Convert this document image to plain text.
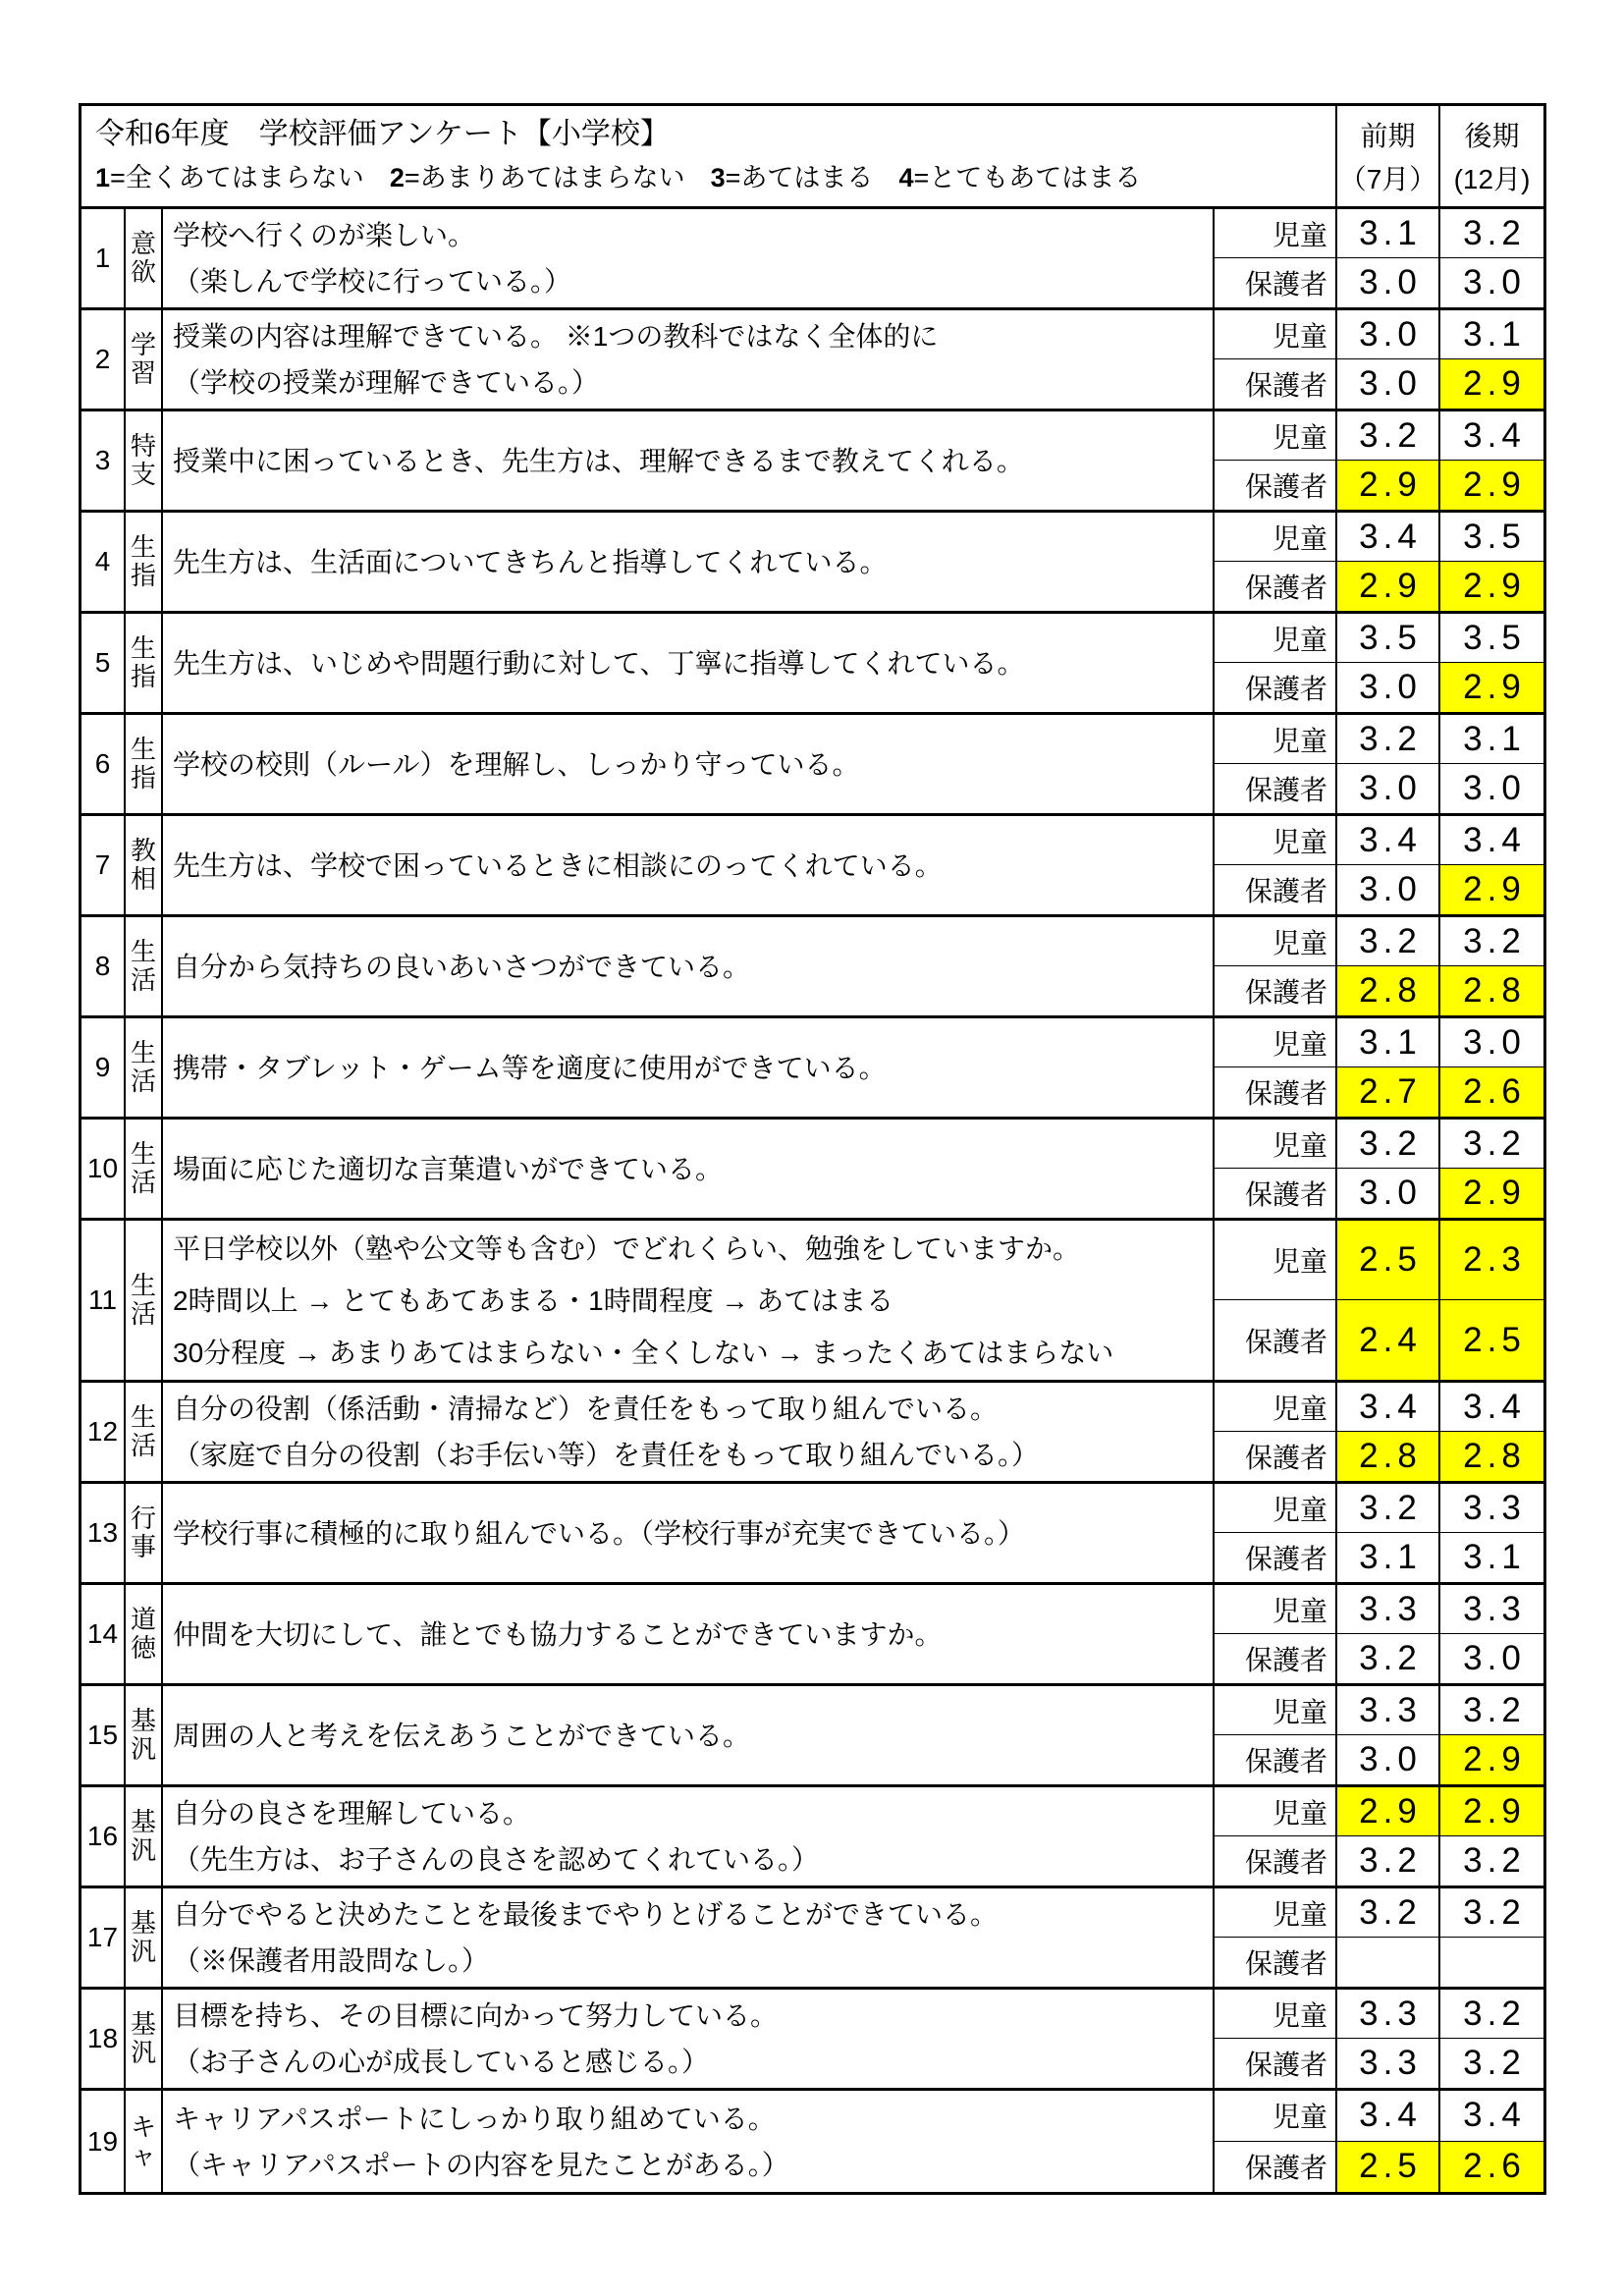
令和6年度　学校評価アンケート【小学校】
1=全くあてはまらない 2=あまりあてはまらない 3=あてはまる 4=とてもあてはまる
前期
（7月）
後期
(12月)
1 意欲
学校へ行くのが楽しい。
（楽しんで学校に行っている。）
児童 3.1	3.2
保護者 3.0	3.0
2 学習
授業の内容は理解できている。 ※1つの教科ではなく全体的に
（学校の授業が理解できている。）
児童 3.0	3.1
保護者 3.0	2.9
3 特支 授業中に困っているとき、先生方は、理解できるまで教えてくれる。
児童 3.2	3.4
保護者 2.9	2.9
4 生指 先生方は、生活面についてきちんと指導してくれている。
児童 3.4	3.5
保護者 2.9	2.9
5 生指 先生方は、いじめや問題行動に対して、丁寧に指導してくれている。
児童 3.5	3.5
保護者 3.0	2.9
6 生指 学校の校則（ルール）を理解し、しっかり守っている。
児童 3.2	3.1
保護者 3.0	3.0
7 教相 先生方は、学校で困っているときに相談にのってくれている。
児童 3.4	3.4
保護者 3.0	2.9
8 生活 自分から気持ちの良いあいさつができている。
児童 3.2	3.2
保護者 2.8	2.8
9 生活 携帯・タブレット・ゲーム等を適度に使用ができている。
児童 3.1	3.0
保護者 2.7	2.6
10 生活 場面に応じた適切な言葉遣いができている。
児童 3.2	3.2
保護者 3.0	2.9
11 生活
平日学校以外（塾や公文等も含む）でどれくらい、勉強をしていますか。
2時間以上 → とてもあてあまる・1時間程度 → あてはまる
30分程度 → あまりあてはまらない・全くしない → まったくあてはまらない
児童 2.5	2.3
保護者 2.4	2.5
12 生活
自分の役割（係活動・清掃など）を責任をもって取り組んでいる。
（家庭で自分の役割（お手伝い等）を責任をもって取り組んでいる。）
児童 3.4	3.4
保護者 2.8	2.8
13 行事 学校行事に積極的に取り組んでいる。（学校行事が充実できている。）
児童 3.2	3.3
保護者 3.1	3.1
14 道徳 仲間を大切にして、誰とでも協力することができていますか。
児童 3.3	3.3
保護者 3.2	3.0
15 基汎 周囲の人と考えを伝えあうことができている。
児童 3.3	3.2
保護者 3.0	2.9
16 基汎
自分の良さを理解している。
（先生方は、お子さんの良さを認めてくれている。）
児童 2.9	2.9
保護者 3.2	3.2
17 基汎
自分でやると決めたことを最後までやりとげることができている。
（※保護者用設問なし。）
児童 3.2	3.2
保護者
18 基汎
目標を持ち、その目標に向かって努力している。
（お子さんの心が成長していると感じる。）
児童 3.3	3.2
保護者 3.3	3.2
19 キャ
キャリアパスポートにしっかり取り組めている。
（キャリアパスポートの内容を見たことがある。）
児童 3.4	3.4
保護者 2.5	2.6
